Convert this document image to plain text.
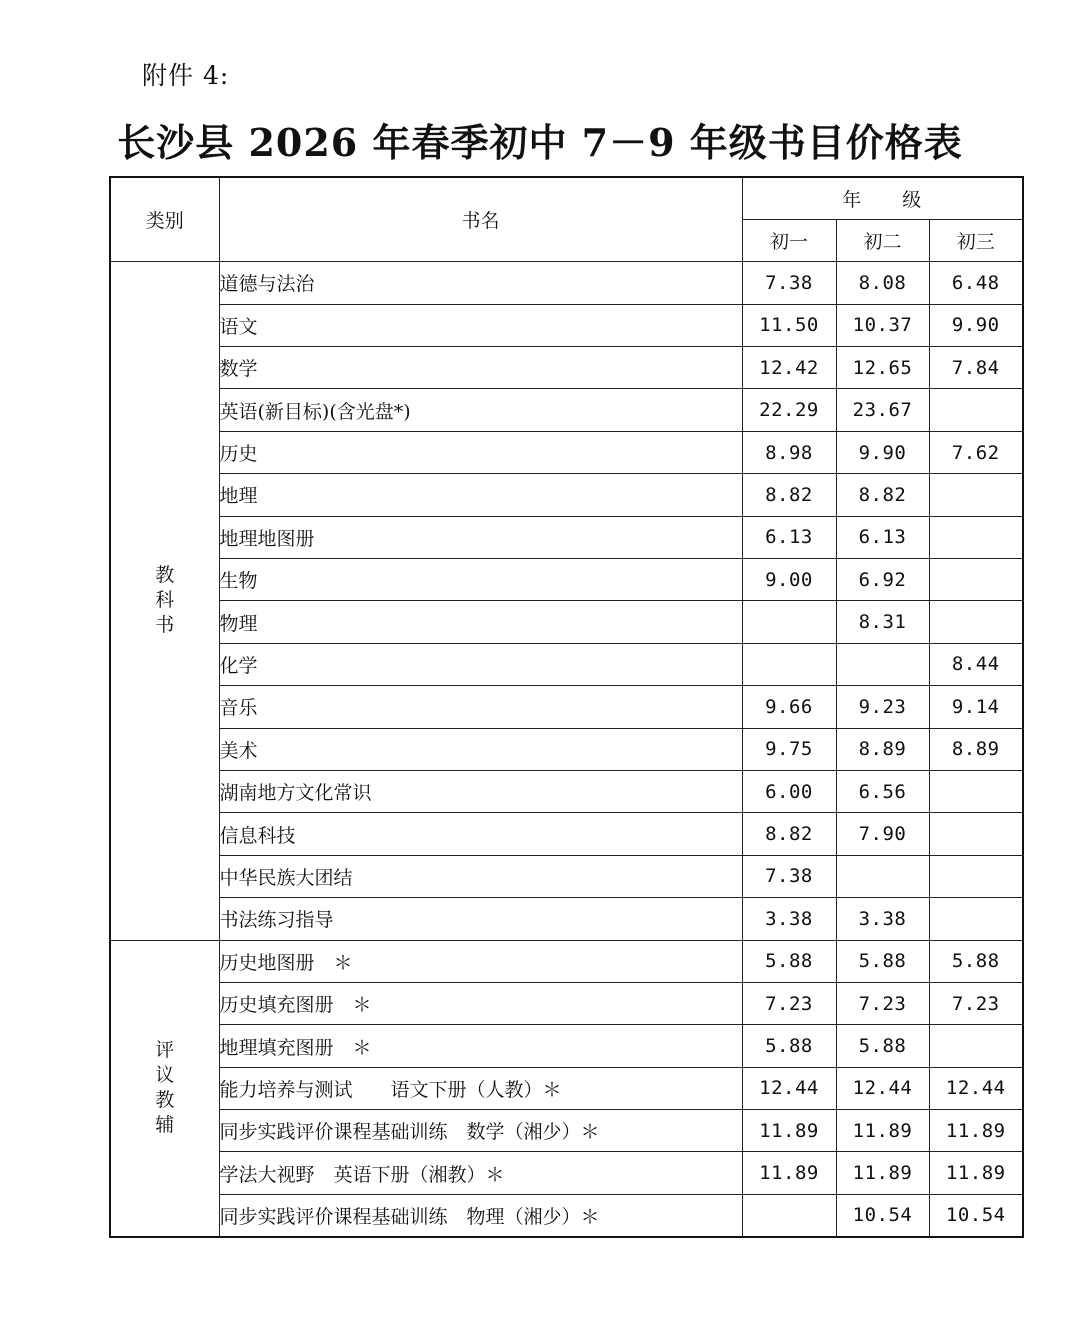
附件 4:
长沙县 2026 年春季初中 7－9 年级书目价格表
类别	书名	年　　级		
		初一	初二	初三
教科书	道德与法治	7.38	8.08	6.48
	语文	11.50	10.37	9.90
	数学	12.42	12.65	7.84
	英语(新目标)(含光盘*)	22.29	23.67	
	历史	8.98	9.90	7.62
	地理	8.82	8.82	
	地理地图册	6.13	6.13	
	生物	9.00	6.92	
	物理		8.31	
	化学			8.44
	音乐	9.66	9.23	9.14
	美术	9.75	8.89	8.89
	湖南地方文化常识	6.00	6.56	
	信息科技	8.82	7.90	
	中华民族大团结	7.38		
	书法练习指导	3.38	3.38	
评议教辅	历史地图册　＊	5.88	5.88	5.88
	历史填充图册　＊	7.23	7.23	7.23
	地理填充图册　＊	5.88	5.88	
	能力培养与测试　　语文下册（人教）＊	12.44	12.44	12.44
	同步实践评价课程基础训练　数学（湘少）＊	11.89	11.89	11.89
	学法大视野　英语下册（湘教）＊	11.89	11.89	11.89
	同步实践评价课程基础训练　物理（湘少）＊		10.54	10.54
